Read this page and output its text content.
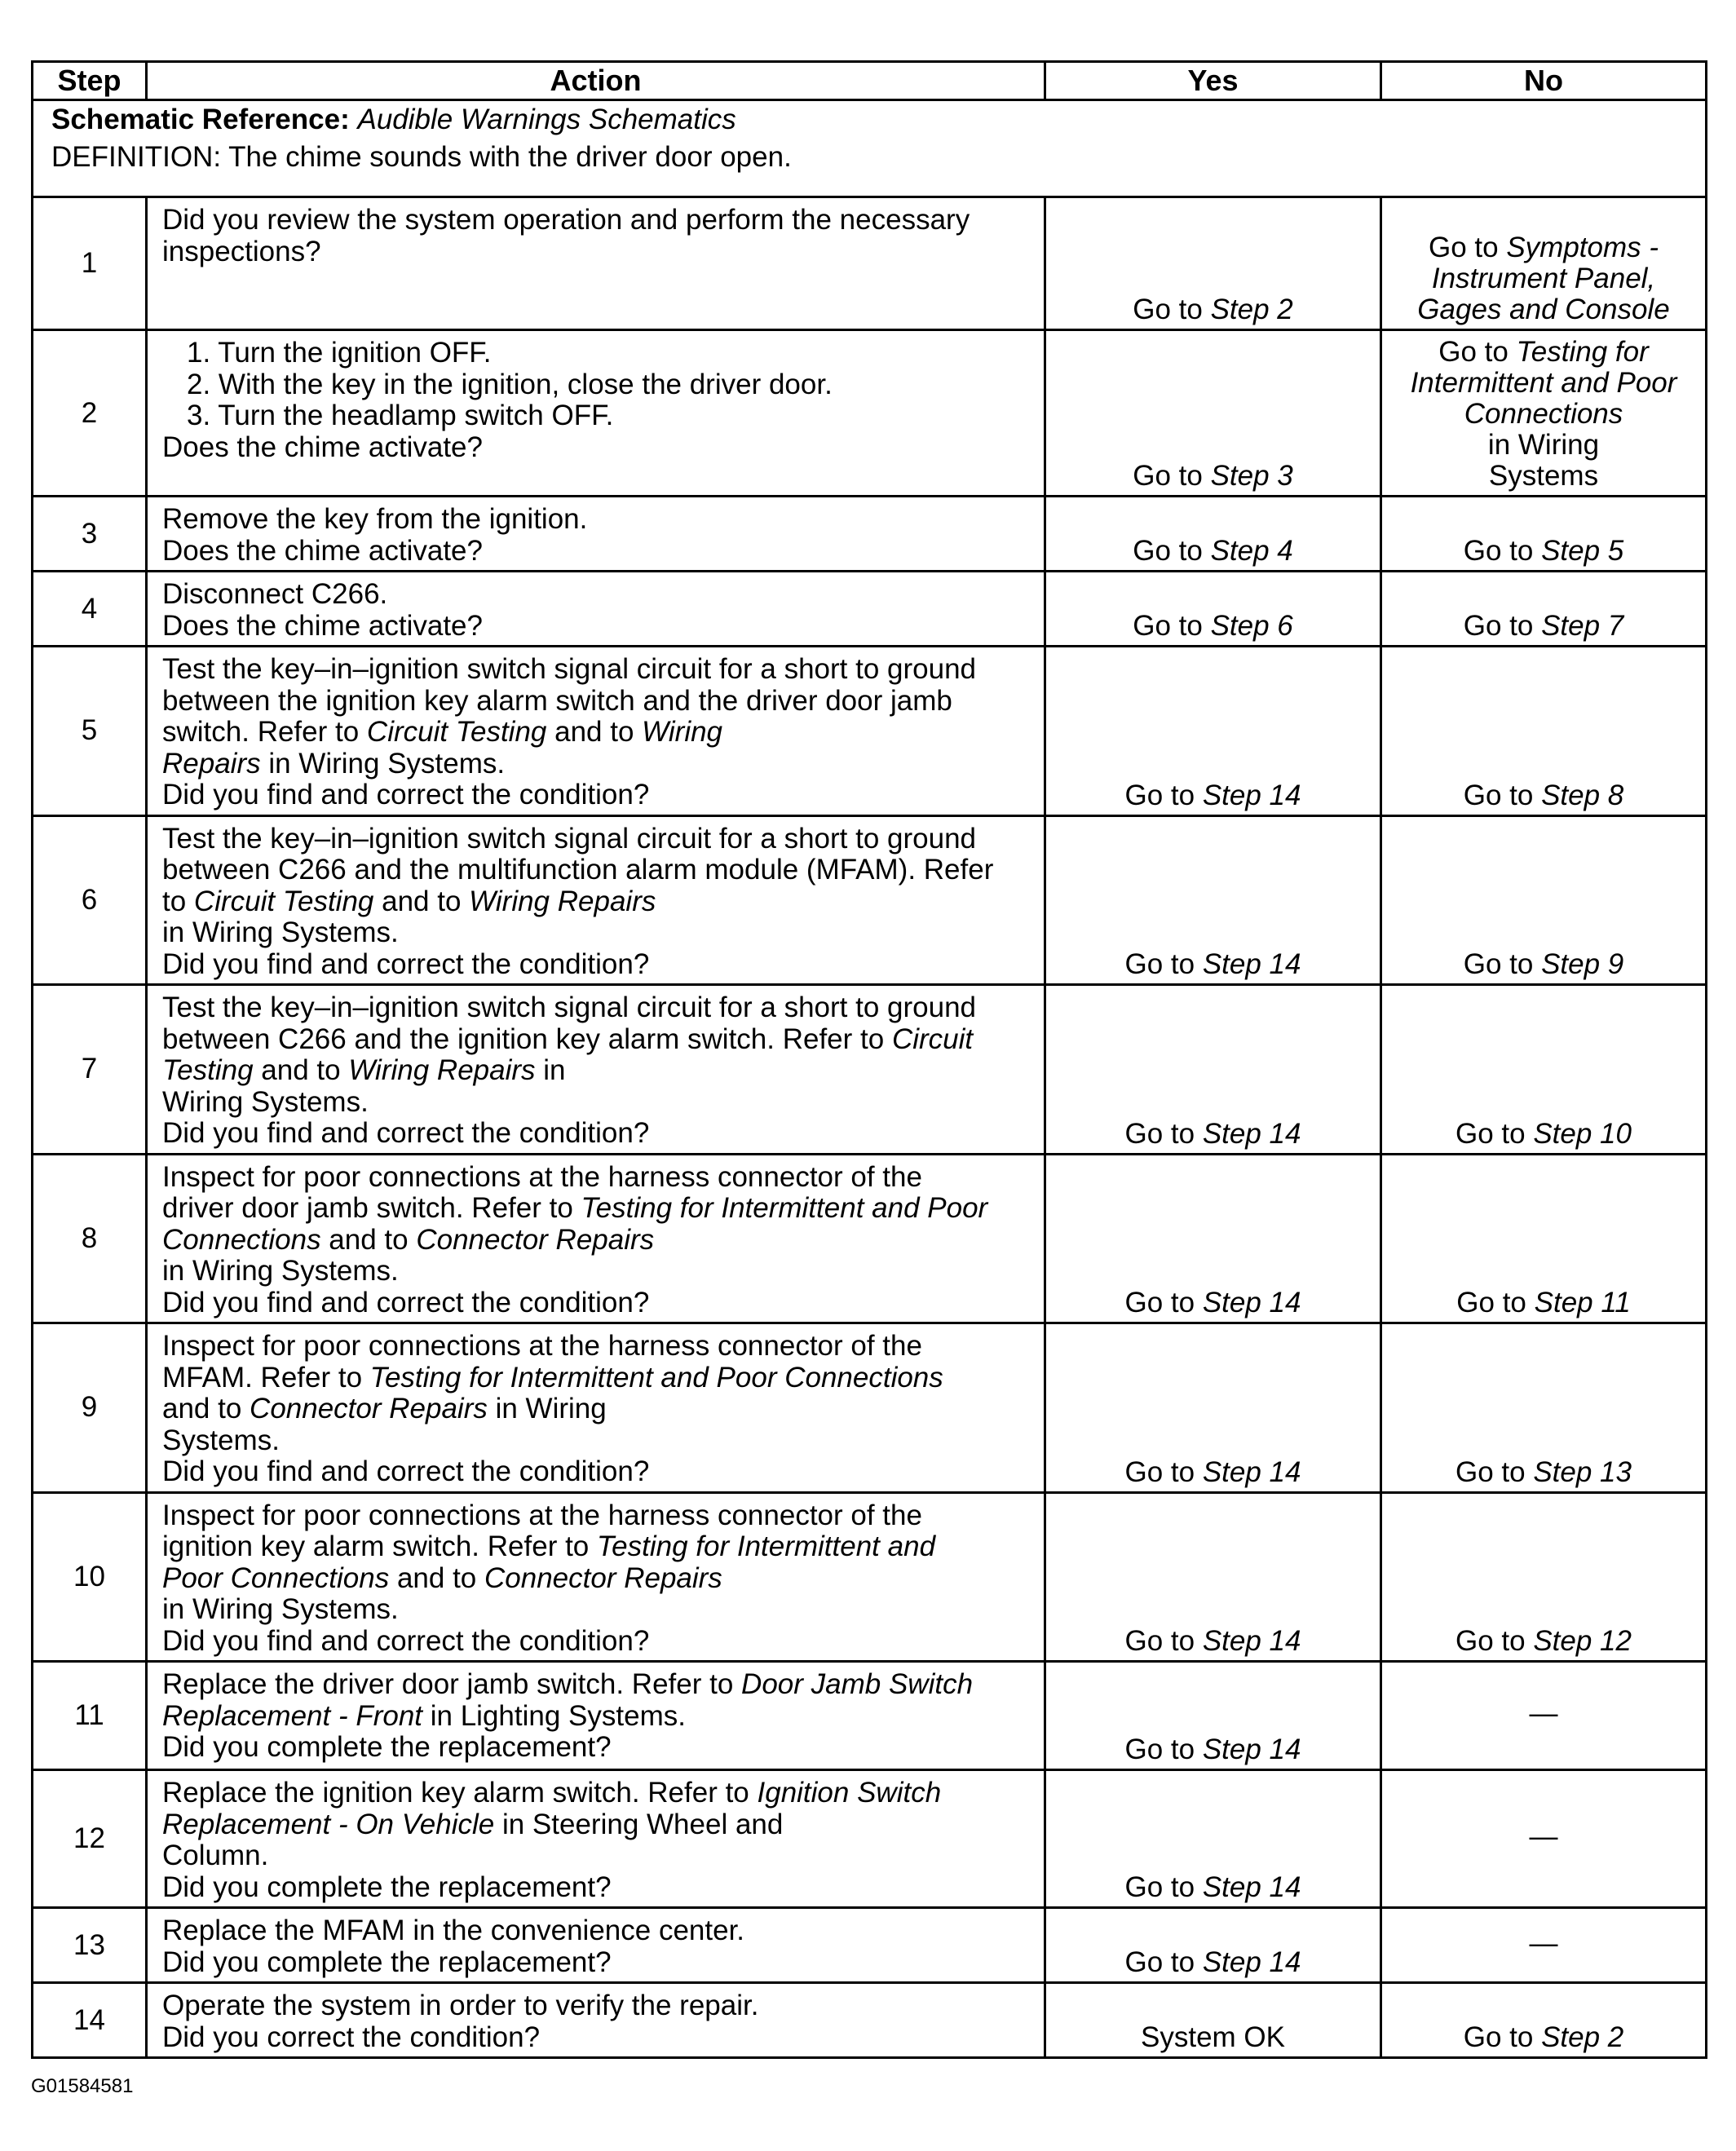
Step	Action	Yes	No

Schematic Reference: Audible Warnings Schematics
DEFINITION: The chime sounds with the driver door open.			

1	Did you review the system operation and perform the necessary
inspections?	Go to Step 2	Go to Symptoms -
Instrument Panel,
Gages and Console

2	1. Turn the ignition OFF.
2. With the key in the ignition, close the driver door.
3. Turn the headlamp switch OFF.
Does the chime activate?	Go to Step 3	Go to Testing for
Intermittent and Poor
Connections
in Wiring
Systems

3	Remove the key from the ignition.
Does the chime activate?	Go to Step 4	Go to Step 5

4	Disconnect C266.
Does the chime activate?	Go to Step 6	Go to Step 7

5	Test the key–in–ignition switch signal circuit for a short to ground
between the ignition key alarm switch and the driver door jamb
switch. Refer to Circuit Testing and to Wiring
Repairs in Wiring Systems.
Did you find and correct the condition?	Go to Step 14	Go to Step 8

6	Test the key–in–ignition switch signal circuit for a short to ground
between C266 and the multifunction alarm module (MFAM). Refer
to Circuit Testing and to Wiring Repairs
in Wiring Systems.
Did you find and correct the condition?	Go to Step 14	Go to Step 9

7	Test the key–in–ignition switch signal circuit for a short to ground
between C266 and the ignition key alarm switch. Refer to Circuit
Testing and to Wiring Repairs in
Wiring Systems.
Did you find and correct the condition?	Go to Step 14	Go to Step 10

8	Inspect for poor connections at the harness connector of the
driver door jamb switch. Refer to Testing for Intermittent and Poor
Connections and to Connector Repairs
in Wiring Systems.
Did you find and correct the condition?	Go to Step 14	Go to Step 11

9	Inspect for poor connections at the harness connector of the
MFAM. Refer to Testing for Intermittent and Poor Connections
and to Connector Repairs in Wiring
Systems.
Did you find and correct the condition?	Go to Step 14	Go to Step 13

10	Inspect for poor connections at the harness connector of the
ignition key alarm switch. Refer to Testing for Intermittent and
Poor Connections and to Connector Repairs
in Wiring Systems.
Did you find and correct the condition?	Go to Step 14	Go to Step 12

11	Replace the driver door jamb switch. Refer to Door Jamb Switch
Replacement - Front in Lighting Systems.
Did you complete the replacement?	Go to Step 14	—
12	Replace the ignition key alarm switch. Refer to Ignition Switch
Replacement - On Vehicle in Steering Wheel and
Column.
Did you complete the replacement?	Go to Step 14	—
13	Replace the MFAM in the convenience center.
Did you complete the replacement?	Go to Step 14	—
14	Operate the system in order to verify the repair.
Did you correct the condition?	System OK	Go to Step 2
G01584581
